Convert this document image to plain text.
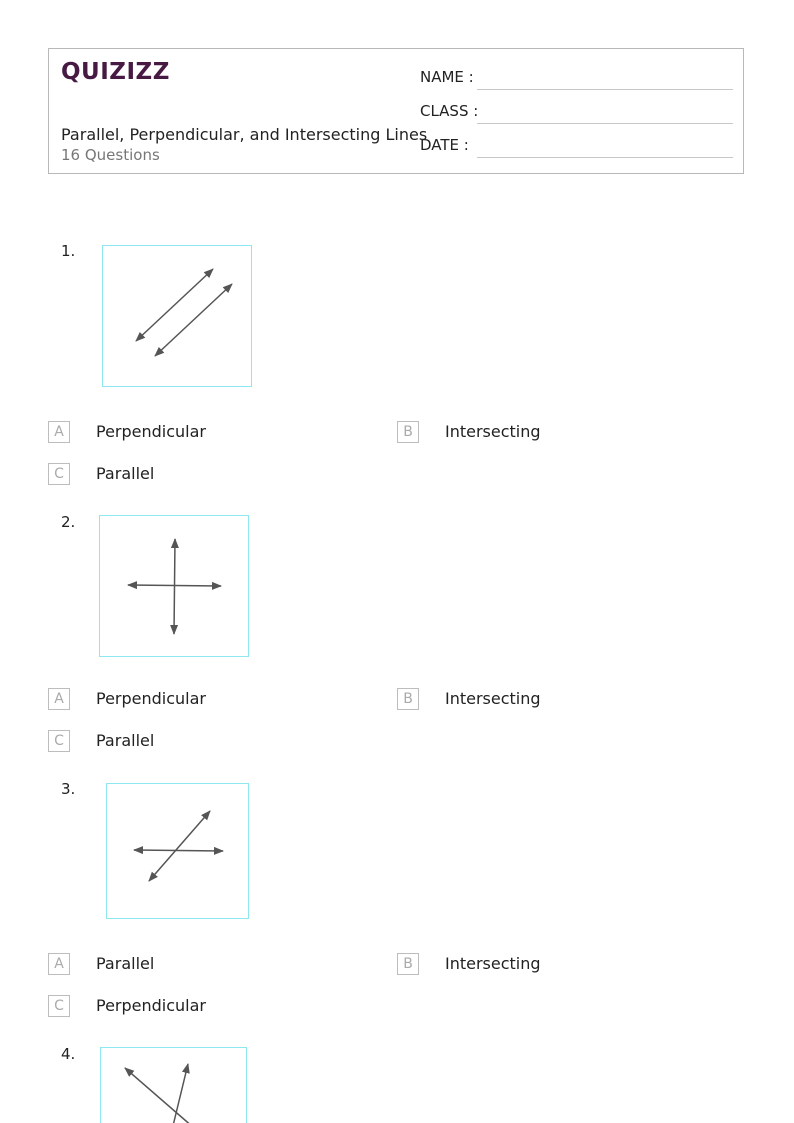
QUIZIZZ
Parallel, Perpendicular, and Intersecting Lines
16 Questions
NAME :
CLASS :
DATE :
1.
A	Perpendicular	B	Intersecting
C	Parallel
2.
A	Perpendicular	B	Intersecting
C	Parallel
3.
A	Parallel	B	Intersecting
C	Perpendicular
4.
